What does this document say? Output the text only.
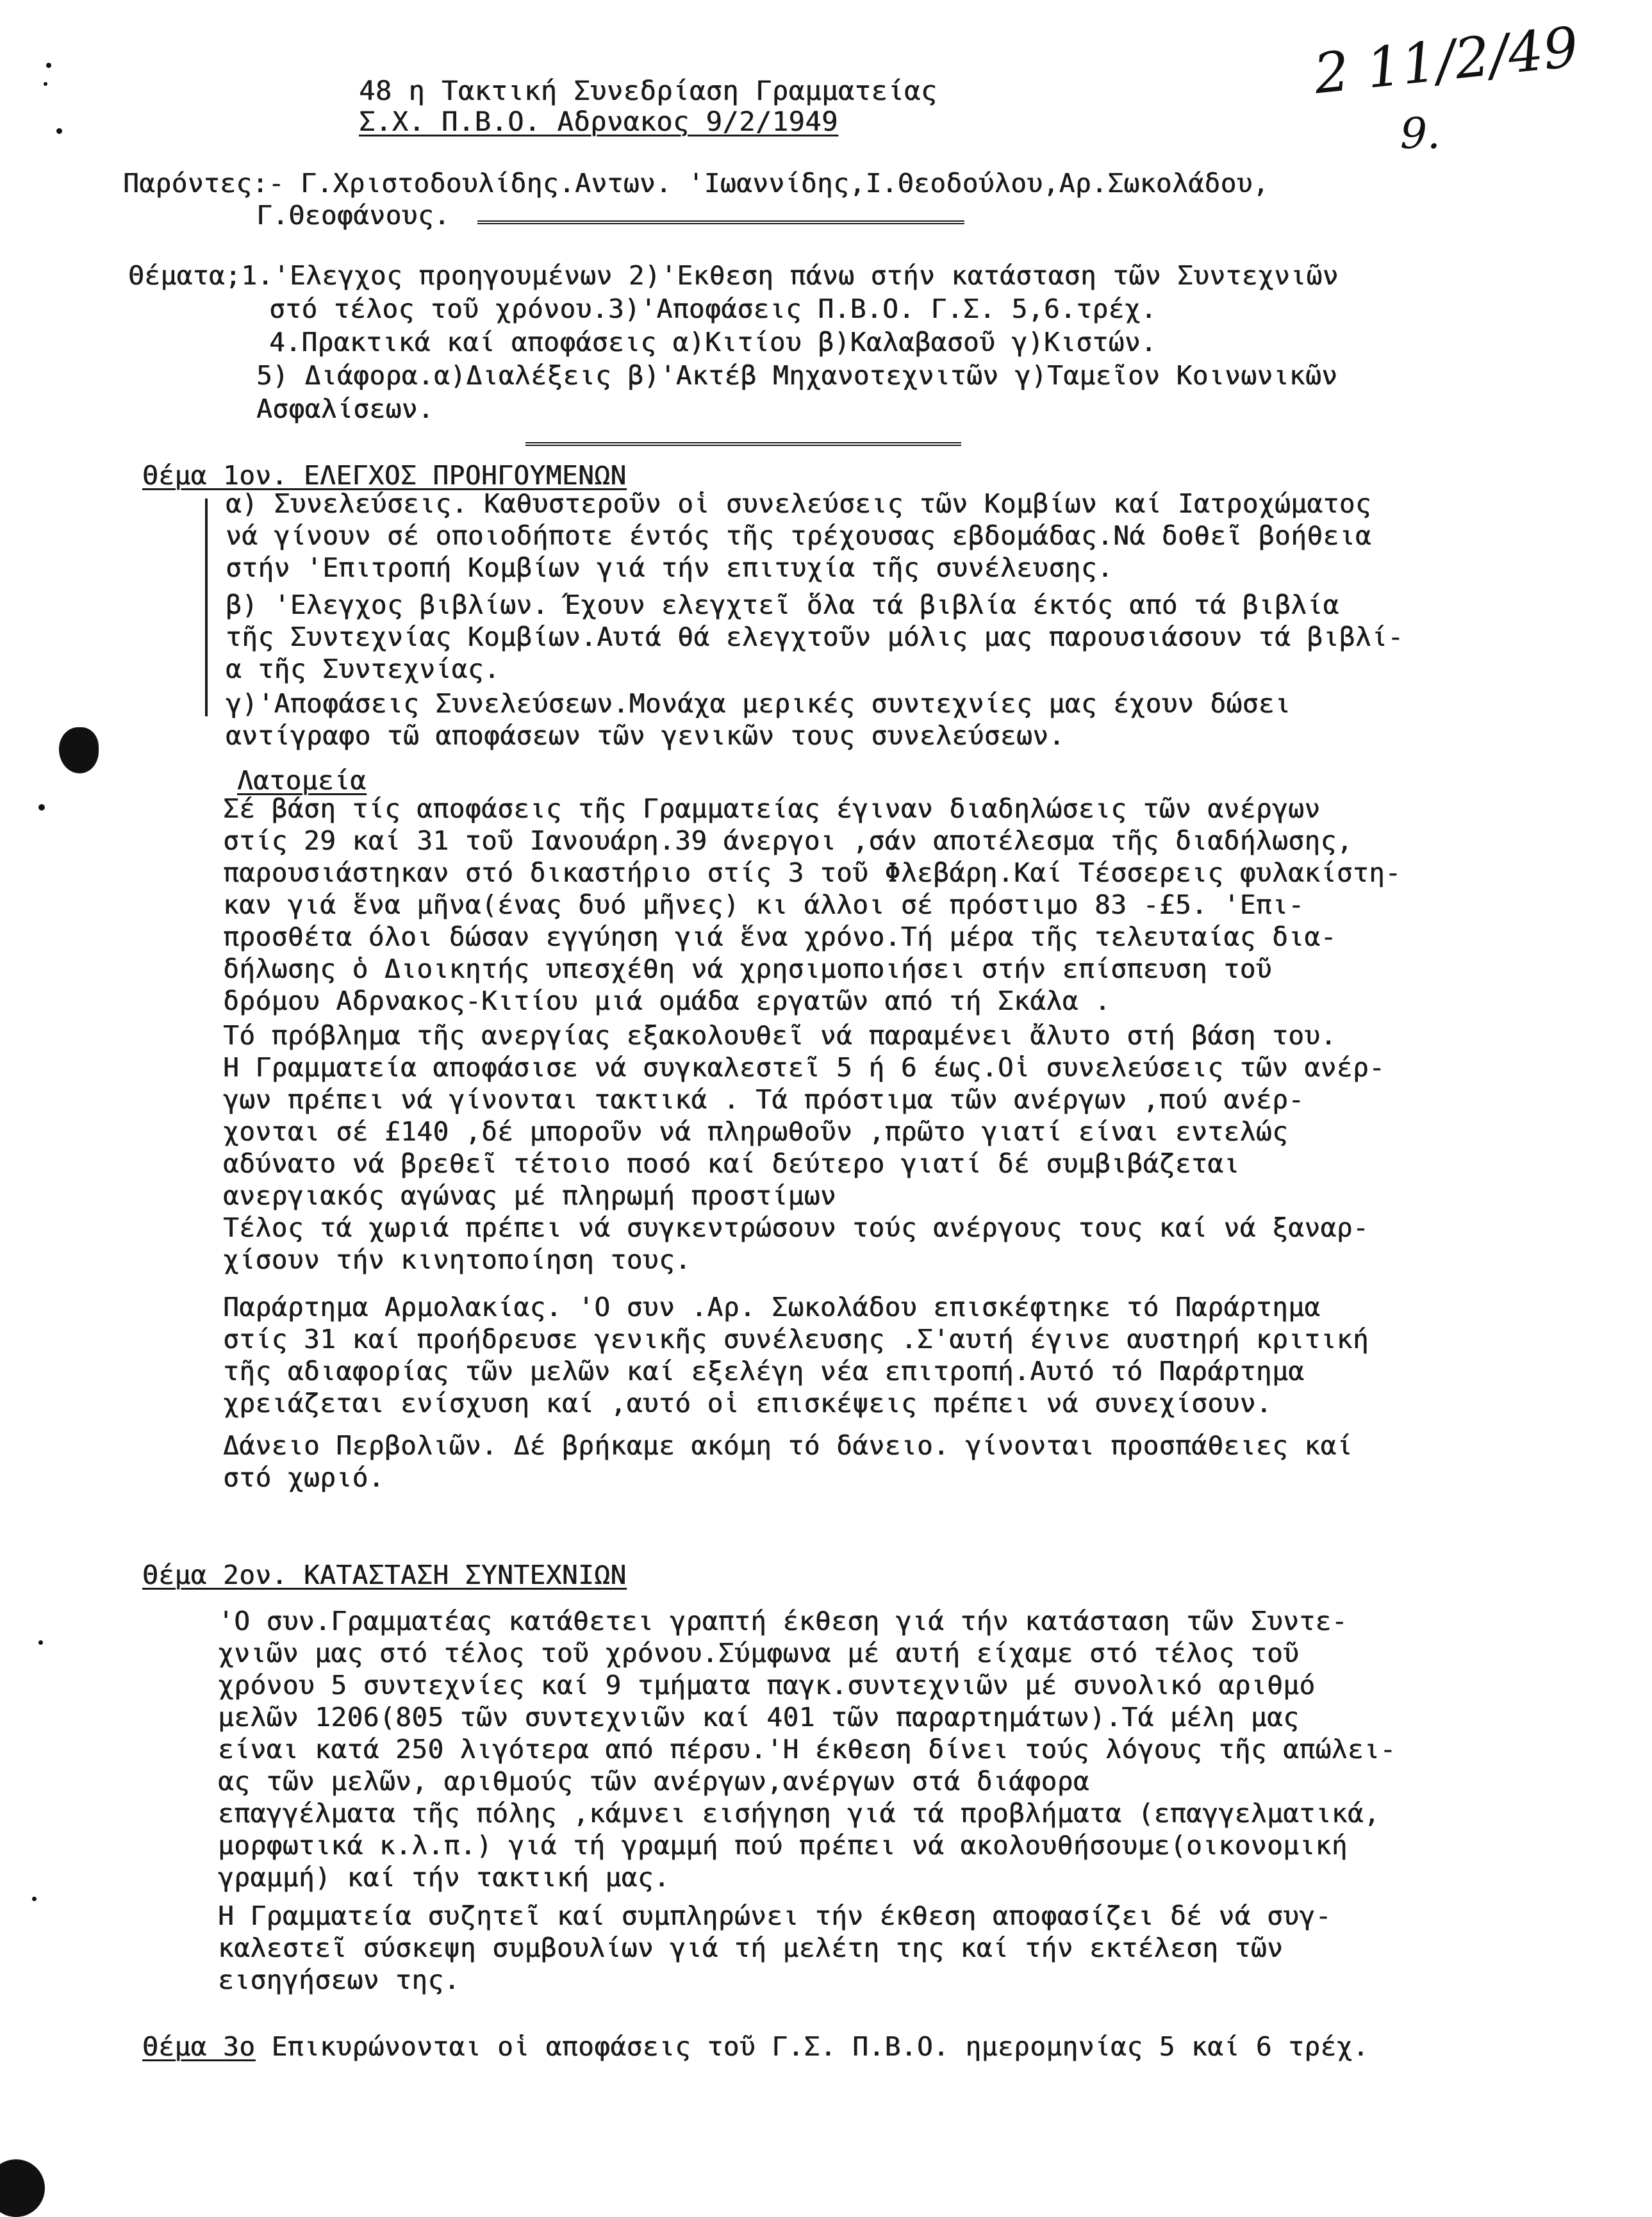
2 11/2/49
9.
48 η Τακτική Συνεδρίαση Γραμματείας
Σ.Χ. Π.Β.Ο. Αδρνακος 9/2/1949
Παρόντες:- Γ.Χριστοδουλίδης.Αντων. 'Ιωαννίδης,Ι.Θεοδούλου,Αρ.Σωκολάδου,
Γ.Θεοφάνους.
Θέματα;1.'Ελεγχος προηγουμένων 2)'Εκθεση πάνω στήν κατάσταση τῶν Συντεχνιῶν
στό τέλος τοῦ χρόνου.3)'Αποφάσεις Π.Β.Ο. Γ.Σ. 5,6.τρέχ.
4.Πρακτικά καί αποφάσεις α)Κιτίου β)Καλαβασοῦ γ)Κιστών.
5) Διάφορα.α)Διαλέξεις β)'Ακτέβ Μηχανοτεχνιτῶν γ)Ταμεῖον Κοινωνικῶν
Ασφαλίσεων.
Θέμα 1ον. ΕΛΕΓΧΟΣ ΠΡΟΗΓΟΥΜΕΝΩΝ
α) Συνελεύσεις. Καθυστεροῦν οἱ συνελεύσεις τῶν Κομβίων καί Ιατροχώματος
νά γίνουν σέ οποιοδήποτε έντός τῆς τρέχουσας εβδομάδας.Νά δοθεῖ βοήθεια
στήν 'Επιτροπή Κομβίων γιά τήν επιτυχία τῆς συνέλευσης.
β) 'Ελεγχος βιβλίων. Έχουν ελεγχτεῖ ὅλα τά βιβλία έκτός από τά βιβλία
τῆς Συντεχνίας Κομβίων.Αυτά θά ελεγχτοῦν μόλις μας παρουσιάσουν τά βιβλί-
α τῆς Συντεχνίας.
γ)'Αποφάσεις Συνελεύσεων.Μονάχα μερικές συντεχνίες μας έχουν δώσει
αντίγραφο τῶ αποφάσεων τῶν γενικῶν τους συνελεύσεων.
Λατομεία
Σέ βάση τίς αποφάσεις τῆς Γραμματείας έγιναν διαδηλώσεις τῶν ανέργων
στίς 29 καί 31 τοῦ Ιανουάρη.39 άνεργοι ,σάν αποτέλεσμα τῆς διαδήλωσης,
παρουσιάστηκαν στό δικαστήριο στίς 3 τοῦ Φλεβάρη.Καί Τέσσερεις φυλακίστη-
καν γιά ἕνα μῆνα(ένας δυό μῆνες) κι άλλοι σέ πρόστιμο 83 -£5. 'Επι-
προσθέτα όλοι δώσαν εγγύηση γιά ἕνα χρόνο.Τή μέρα τῆς τελευταίας δια-
δήλωσης ὁ Διοικητής υπεσχέθη νά χρησιμοποιήσει στήν επίσπευση τοῦ
δρόμου Αδρνακος-Κιτίου μιά ομάδα εργατῶν από τή Σκάλα .
Τό πρόβλημα τῆς ανεργίας εξακολουθεῖ νά παραμένει ἄλυτο στή βάση του.
Η Γραμματεία αποφάσισε νά συγκαλεστεῖ 5 ή 6 έως.Οἱ συνελεύσεις τῶν ανέρ-
γων πρέπει νά γίνονται τακτικά . Τά πρόστιμα τῶν ανέργων ,πού ανέρ-
χονται σέ £140 ,δέ μποροῦν νά πληρωθοῦν ,πρῶτο γιατί είναι εντελώς
αδύνατο νά βρεθεῖ τέτοιο ποσό καί δεύτερο γιατί δέ συμβιβάζεται
ανεργιακός αγώνας μέ πληρωμή προστίμων
Τέλος τά χωριά πρέπει νά συγκεντρώσουν τούς ανέργους τους καί νά ξαναρ-
χίσουν τήν κινητοποίηση τους.
Παράρτημα Αρμολακίας. 'Ο συν .Αρ. Σωκολάδου επισκέφτηκε τό Παράρτημα
στίς 31 καί προήδρευσε γενικῆς συνέλευσης .Σ'αυτή έγινε αυστηρή κριτική
τῆς αδιαφορίας τῶν μελῶν καί εξελέγη νέα επιτροπή.Αυτό τό Παράρτημα
χρειάζεται ενίσχυση καί ,αυτό οἱ επισκέψεις πρέπει νά συνεχίσουν.
Δάνειο Περβολιῶν. Δέ βρήκαμε ακόμη τό δάνειο. γίνονται προσπάθειες καί
στό χωριό.
Θέμα 2ον. ΚΑΤΑΣΤΑΣΗ ΣΥΝΤΕΧΝΙΩΝ
'Ο συν.Γραμματέας κατάθετει γραπτή έκθεση γιά τήν κατάσταση τῶν Συντε-
χνιῶν μας στό τέλος τοῦ χρόνου.Σύμφωνα μέ αυτή είχαμε στό τέλος τοῦ
χρόνου 5 συντεχνίες καί 9 τμήματα παγκ.συντεχνιῶν μέ συνολικό αριθμό
μελῶν 1206(805 τῶν συντεχνιῶν καί 401 τῶν παραρτημάτων).Τά μέλη μας
είναι κατά 250 λιγότερα από πέρσυ.'Η έκθεση δίνει τούς λόγους τῆς απώλει-
ας τῶν μελῶν, αριθμούς τῶν ανέργων,ανέργων στά διάφορα
επαγγέλματα τῆς πόλης ,κάμνει εισήγηση γιά τά προβλήματα (επαγγελματικά,
μορφωτικά κ.λ.π.) γιά τή γραμμή πού πρέπει νά ακολουθήσουμε(οικονομική
γραμμή) καί τήν τακτική μας.
Η Γραμματεία συζητεῖ καί συμπληρώνει τήν έκθεση αποφασίζει δέ νά συγ-
καλεστεῖ σύσκεψη συμβουλίων γιά τή μελέτη της καί τήν εκτέλεση τῶν
εισηγήσεων της.
Θέμα 3ο Επικυρώνονται οἱ αποφάσεις τοῦ Γ.Σ. Π.Β.Ο. ημερομηνίας 5 καί 6 τρέχ.
